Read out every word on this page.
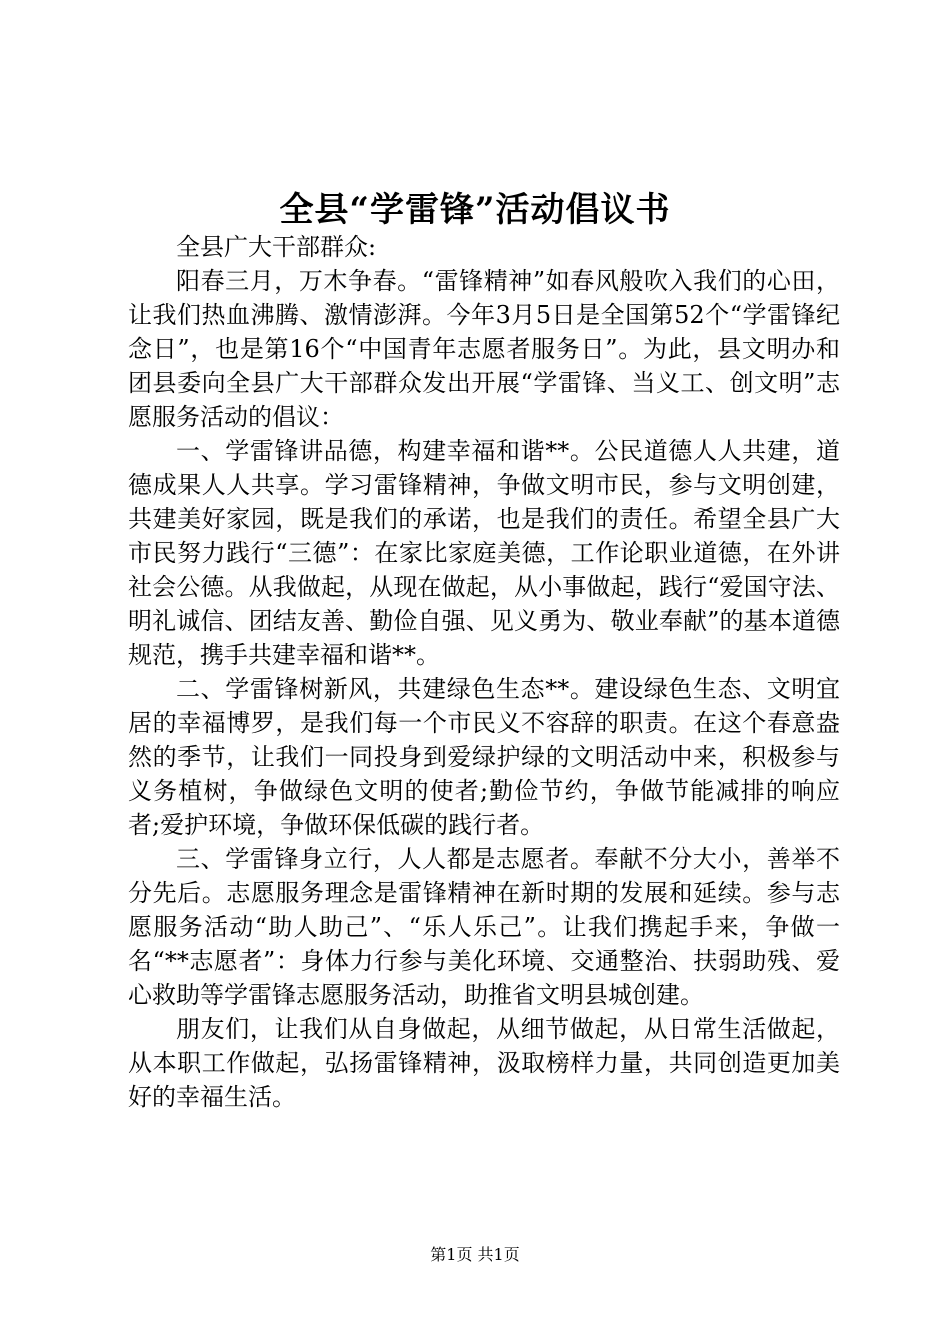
全县“学雷锋”活动倡议书

全县广大干部群众:

阳春三月，万木争春。“雷锋精神”如春风般吹入我们的心田，让我们热血沸腾、激情澎湃。今年3月5日是全国第52个“学雷锋纪念日”，也是第16个“中国青年志愿者服务日”。为此，县文明办和团县委向全县广大干部群众发出开展“学雷锋、当义工、创文明”志愿服务活动的倡议：

一、学雷锋讲品德，构建幸福和谐**。公民道德人人共建，道德成果人人共享。学习雷锋精神，争做文明市民，参与文明创建，共建美好家园，既是我们的承诺，也是我们的责任。希望全县广大市民努力践行“三德”：在家比家庭美德，工作论职业道德，在外讲社会公德。从我做起，从现在做起，从小事做起，践行“爱国守法、明礼诚信、团结友善、勤俭自强、见义勇为、敬业奉献”的基本道德规范，携手共建幸福和谐**。

二、学雷锋树新风，共建绿色生态**。建设绿色生态、文明宜居的幸福博罗，是我们每一个市民义不容辞的职责。在这个春意盎然的季节，让我们一同投身到爱绿护绿的文明活动中来，积极参与义务植树，争做绿色文明的使者;勤俭节约，争做节能减排的响应者;爱护环境，争做环保低碳的践行者。

三、学雷锋身立行，人人都是志愿者。奉献不分大小，善举不分先后。志愿服务理念是雷锋精神在新时期的发展和延续。参与志愿服务活动“助人助己”、“乐人乐己”。让我们携起手来，争做一名“**志愿者”：身体力行参与美化环境、交通整治、扶弱助残、爱心救助等学雷锋志愿服务活动，助推省文明县城创建。

朋友们，让我们从自身做起，从细节做起，从日常生活做起，从本职工作做起，弘扬雷锋精神，汲取榜样力量，共同创造更加美好的幸福生活。

第1页 共1页
